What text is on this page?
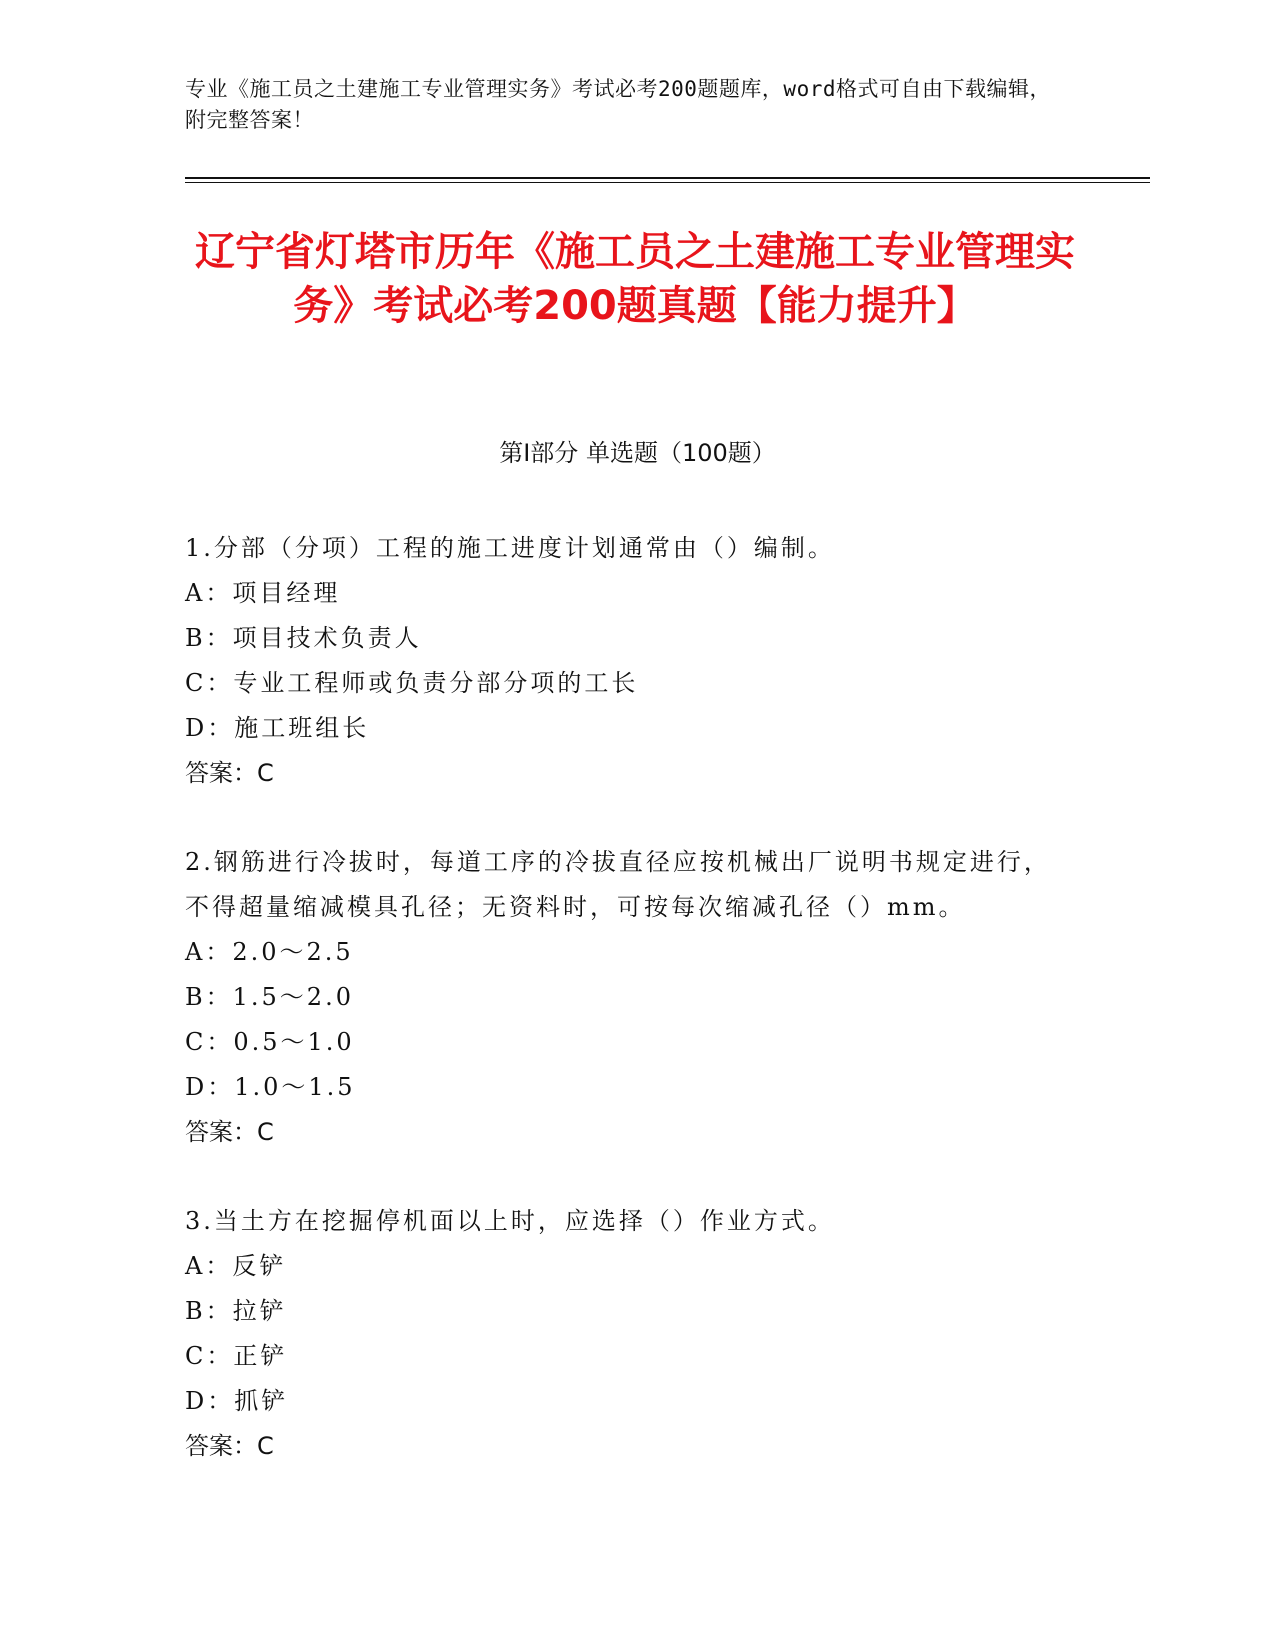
专业《施工员之土建施工专业管理实务》考试必考200题题库，word格式可自由下载编辑，附完整答案！
辽宁省灯塔市历年《施工员之土建施工专业管理实务》考试必考200题真题【能力提升】
第Ⅰ部分 单选题（100题）

1.分部（分项）工程的施工进度计划通常由（）编制。

A：项目经理

B：项目技术负责人

C：专业工程师或负责分部分项的工长

D：施工班组长

答案：C

2.钢筋进行冷拔时，每道工序的冷拔直径应按机械出厂说明书规定进行，不得超量缩减模具孔径；无资料时，可按每次缩减孔径（）mm。

A：2.0～2.5

B：1.5～2.0

C：0.5～1.0

D：1.0～1.5

答案：C

3.当土方在挖掘停机面以上时，应选择（）作业方式。

A：反铲

B：拉铲

C：正铲

D：抓铲

答案：C
